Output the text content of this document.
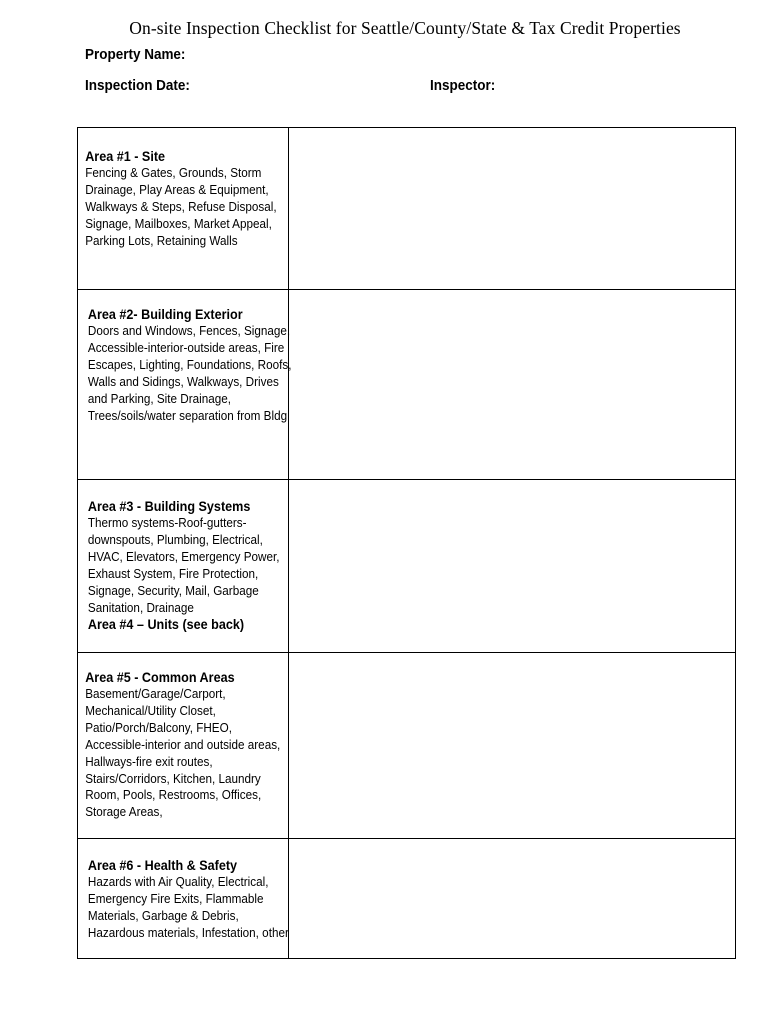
On-site Inspection Checklist for Seattle/County/State & Tax Credit Properties
Property Name:
Inspection Date:	Inspector:
Area #1 - Site
Fencing & Gates, Grounds, Storm Drainage, Play Areas & Equipment, Walkways & Steps, Refuse Disposal, Signage, Mailboxes, Market Appeal, Parking Lots, Retaining Walls	

Area #2- Building Exterior
Doors and Windows, Fences, Signage, Accessible-interior-outside areas, Fire Escapes, Lighting, Foundations, Roofs, Walls and Sidings, Walkways, Drives and Parking, Site Drainage, Trees/soils/water separation from Bldg	

Area #3 - Building Systems
Thermo systems-Roof-gutters-downspouts, Plumbing, Electrical, HVAC, Elevators, Emergency Power, Exhaust System, Fire Protection, Signage, Security, Mail, Garbage Sanitation, Drainage
Area #4 – Units (see back)	

Area #5 - Common Areas
Basement/Garage/Carport, Mechanical/Utility Closet, Patio/Porch/Balcony, FHEO, Accessible-interior and outside areas, Hallways-fire exit routes, Stairs/Corridors, Kitchen, Laundry Room, Pools, Restrooms, Offices, Storage Areas,	

Area #6 - Health & Safety
Hazards with Air Quality, Electrical, Emergency Fire Exits, Flammable Materials, Garbage & Debris, Hazardous materials, Infestation, other	
